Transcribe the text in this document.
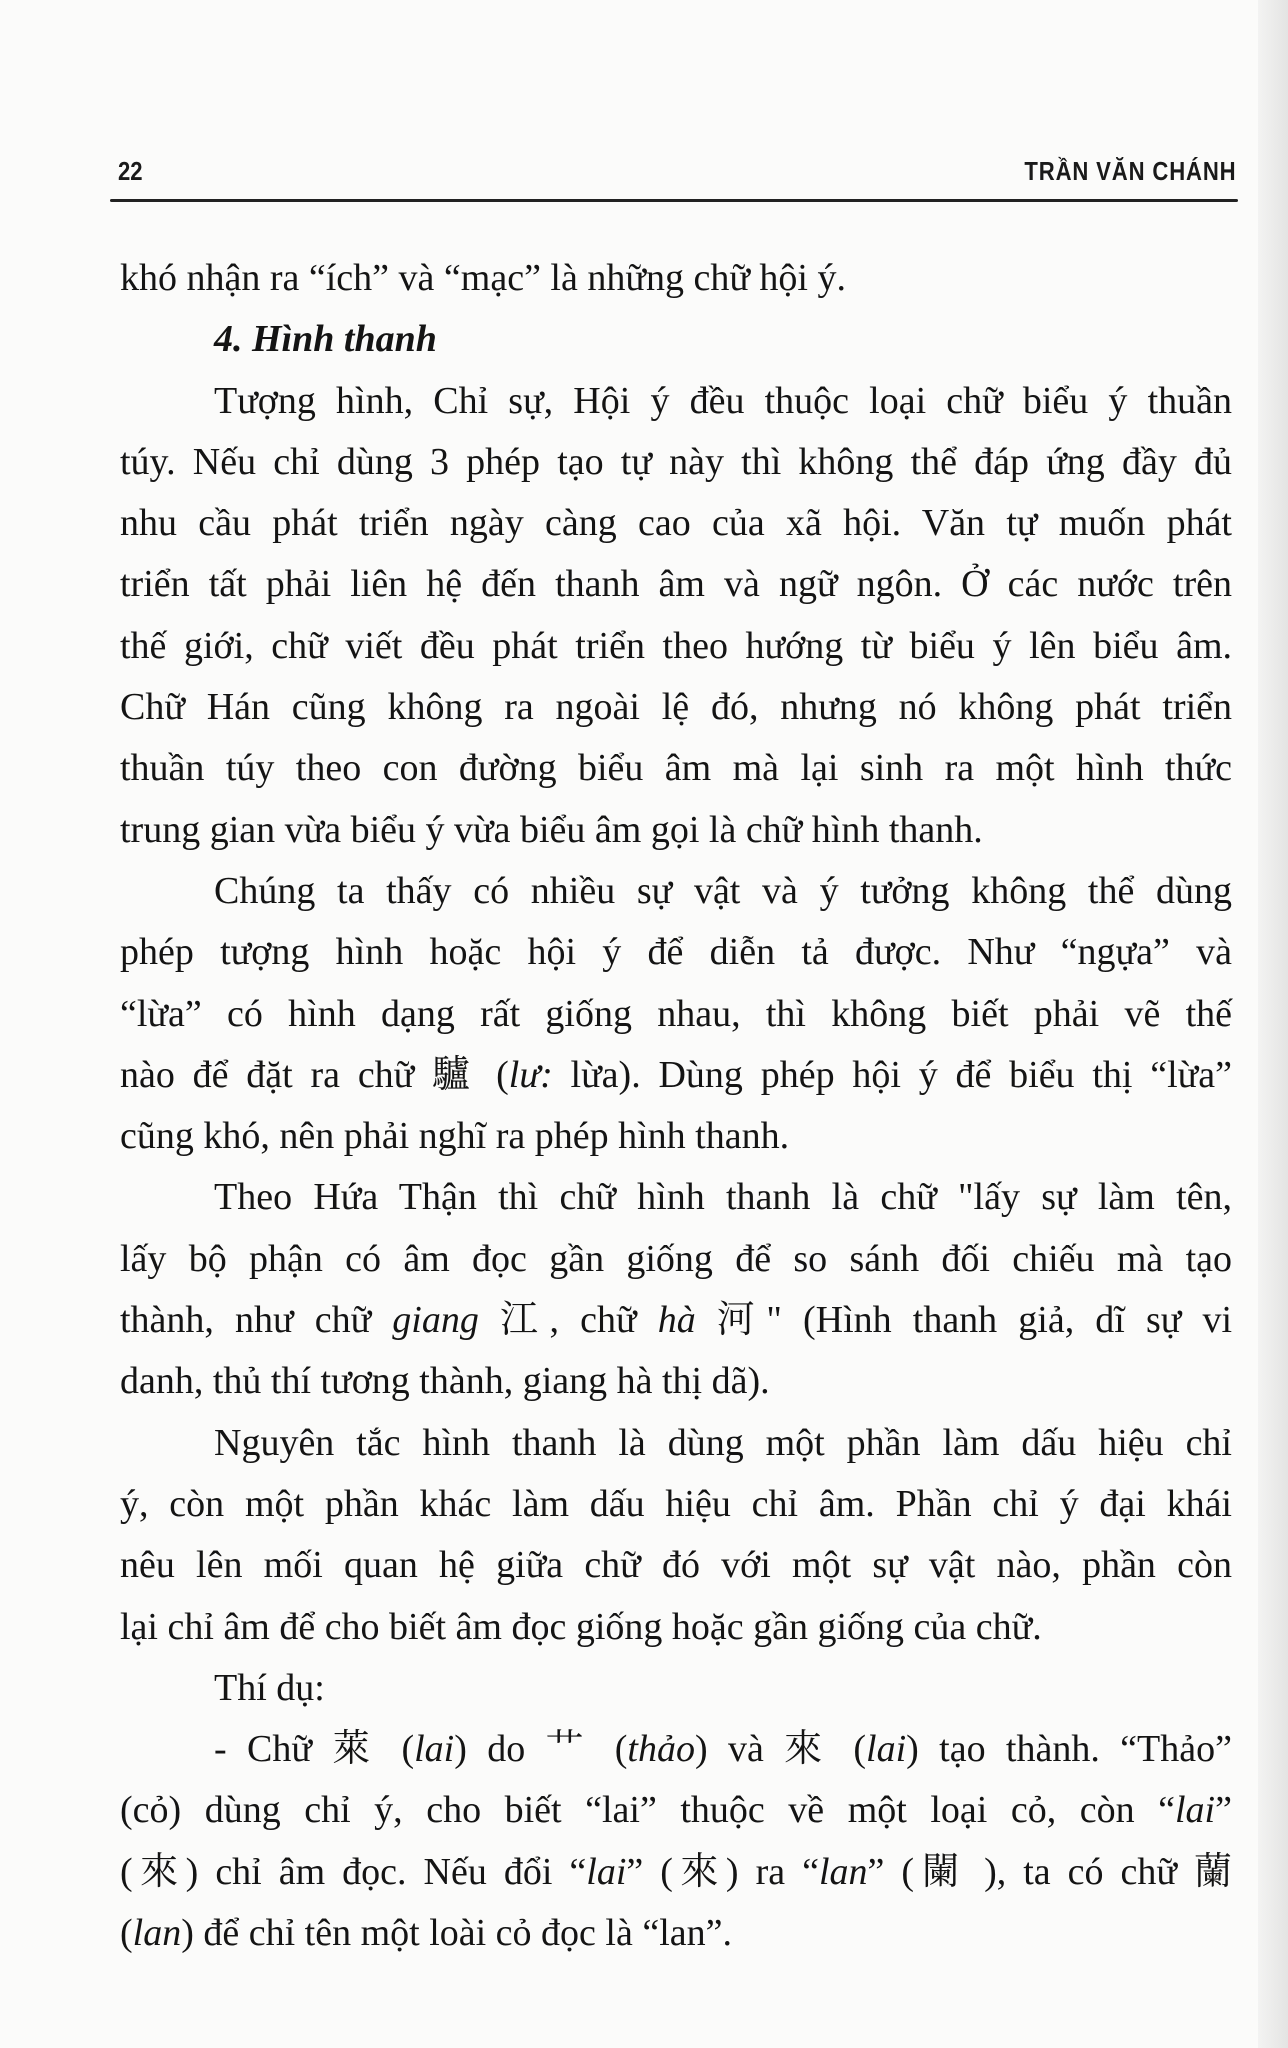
22	TRẦN VĂN CHÁNH
khó nhận ra “ích” và “mạc” là những chữ hội ý.
4. Hình thanh
Tượng hình, Chỉ sự, Hội ý đều thuộc loại chữ biểu ý thuần
túy. Nếu chỉ dùng 3 phép tạo tự này thì không thể đáp ứng đầy đủ
nhu cầu phát triển ngày càng cao của xã hội. Văn tự muốn phát
triển tất phải liên hệ đến thanh âm và ngữ ngôn. Ở các nước trên
thế giới, chữ viết đều phát triển theo hướng từ biểu ý lên biểu âm.
Chữ Hán cũng không ra ngoài lệ đó, nhưng nó không phát triển
thuần túy theo con đường biểu âm mà lại sinh ra một hình thức
trung gian vừa biểu ý vừa biểu âm gọi là chữ hình thanh.
Chúng ta thấy có nhiều sự vật và ý tưởng không thể dùng
phép tượng hình hoặc hội ý để diễn tả được. Như “ngựa” và
“lừa” có hình dạng rất giống nhau, thì không biết phải vẽ thế
nào để đặt ra chữ 驢 (lư: lừa). Dùng phép hội ý để biểu thị “lừa”
cũng khó, nên phải nghĩ ra phép hình thanh.
Theo Hứa Thận thì chữ hình thanh là chữ "lấy sự làm tên,
lấy bộ phận có âm đọc gần giống để so sánh đối chiếu mà tạo
thành, như chữ giang 江, chữ hà 河" (Hình thanh giả, dĩ sự vi
danh, thủ thí tương thành, giang hà thị dã).
Nguyên tắc hình thanh là dùng một phần làm dấu hiệu chỉ
ý, còn một phần khác làm dấu hiệu chỉ âm. Phần chỉ ý đại khái
nêu lên mối quan hệ giữa chữ đó với một sự vật nào, phần còn
lại chỉ âm để cho biết âm đọc giống hoặc gần giống của chữ.
Thí dụ:
- Chữ 萊 (lai) do ⺾ (thảo) và 來 (lai) tạo thành. “Thảo”
(cỏ) dùng chỉ ý, cho biết “lai” thuộc về một loại cỏ, còn “lai”
(來) chỉ âm đọc. Nếu đổi “lai” (來) ra “lan” (闌 ), ta có chữ 蘭
(lan) để chỉ tên một loài cỏ đọc là “lan”.
